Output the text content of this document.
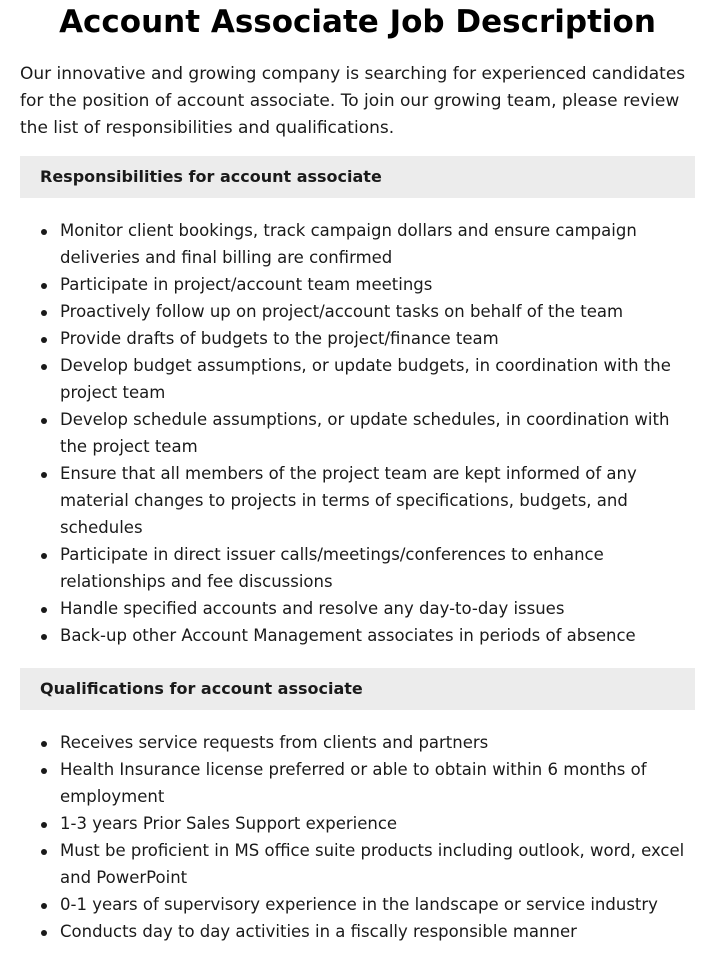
Account Associate Job Description

Our innovative and growing company is searching for experienced candidates for the position of account associate. To join our growing team, please review the list of responsibilities and qualifications.

Responsibilities for account associate
Monitor client bookings, track campaign dollars and ensure campaign deliveries and final billing are confirmed
Participate in project/account team meetings
Proactively follow up on project/account tasks on behalf of the team
Provide drafts of budgets to the project/finance team
Develop budget assumptions, or update budgets, in coordination with the project team
Develop schedule assumptions, or update schedules, in coordination with the project team
Ensure that all members of the project team are kept informed of any material changes to projects in terms of specifications, budgets, and schedules
Participate in direct issuer calls/meetings/conferences to enhance relationships and fee discussions
Handle specified accounts and resolve any day-to-day issues
Back-up other Account Management associates in periods of absence
Qualifications for account associate
Receives service requests from clients and partners
Health Insurance license preferred or able to obtain within 6 months of employment
1-3 years Prior Sales Support experience
Must be proficient in MS office suite products including outlook, word, excel and PowerPoint
0-1 years of supervisory experience in the landscape or service industry
Conducts day to day activities in a fiscally responsible manner
